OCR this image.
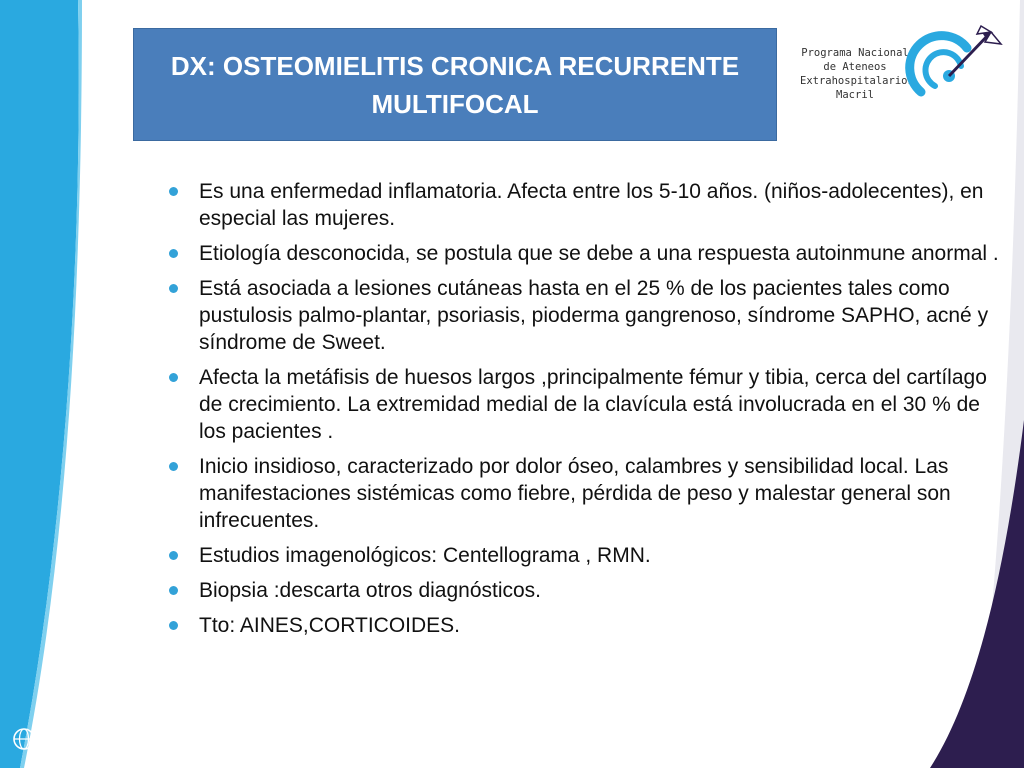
DX: OSTEOMIELITIS CRONICA RECURRENTE MULTIFOCAL
Programa Nacional
de Ateneos
Extrahospitalarios
Macril
Es una enfermedad inflamatoria. Afecta entre los 5-10 años. (niños-adolecentes), en especial las mujeres.
Etiología desconocida, se postula que se debe a una respuesta autoinmune anormal .
Está asociada a lesiones cutáneas hasta en el 25 % de los pacientes tales como pustulosis palmo-plantar, psoriasis, pioderma gangrenoso, síndrome SAPHO, acné y síndrome de Sweet.
Afecta la metáfisis de huesos largos ,principalmente fémur y tibia, cerca del cartílago de crecimiento. La extremidad medial de la clavícula está involucrada en el 30 % de los pacientes .
Inicio insidioso, caracterizado por dolor óseo, calambres y sensibilidad local. Las manifestaciones sistémicas como fiebre, pérdida de peso y malestar general son infrecuentes.
Estudios imagenológicos: Centellograma , RMN.
Biopsia :descarta otros diagnósticos.
Tto: AINES,CORTICOIDES.
Andrómaco
